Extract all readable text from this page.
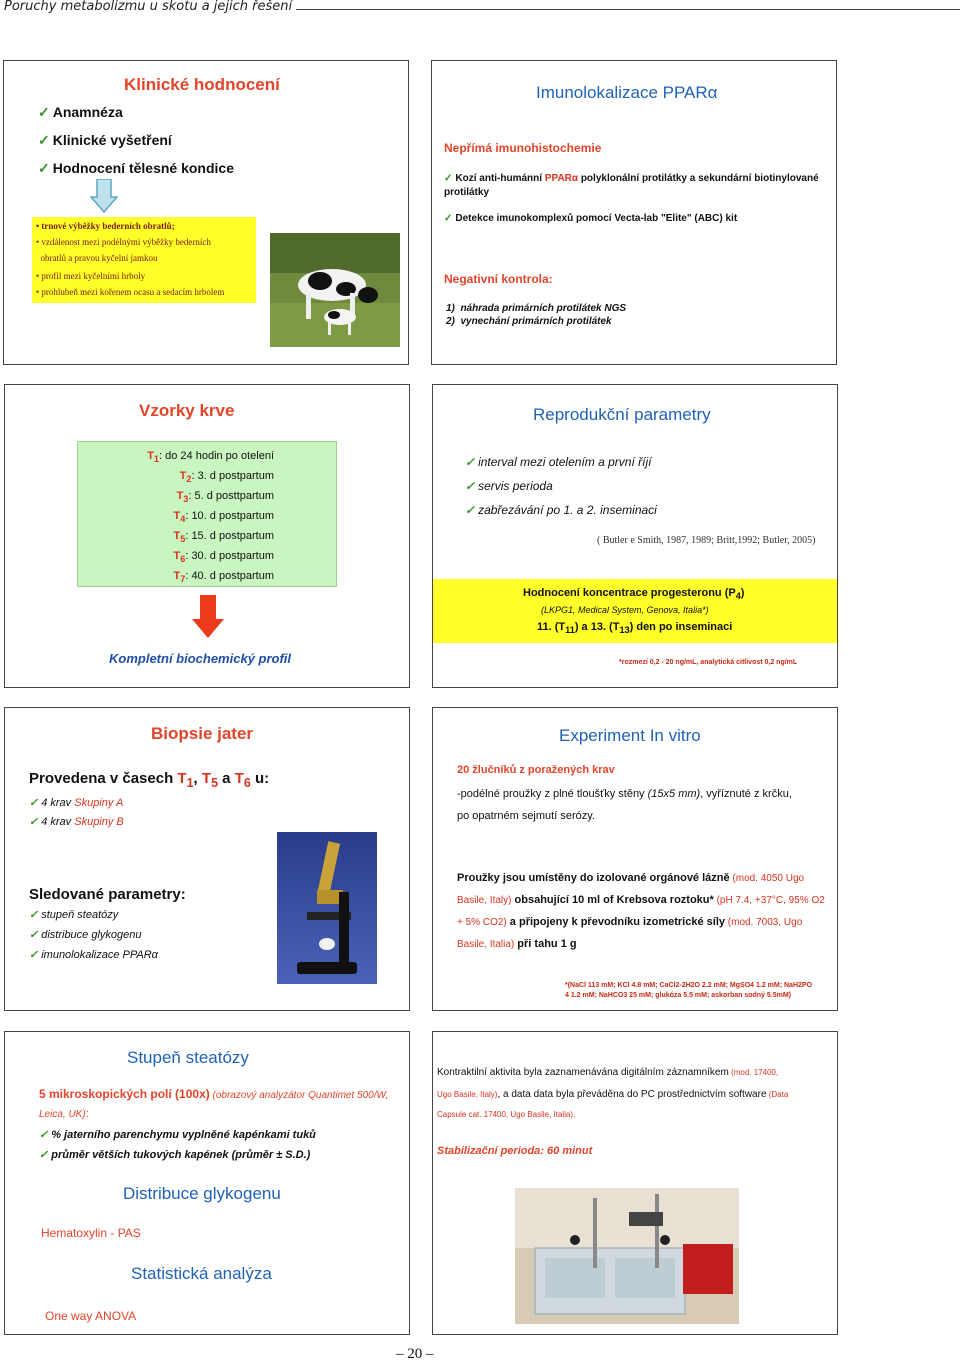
Poruchy metabolizmu u skotu a jejich řešení
Klinické hodnocení
✓ Anamnéza
✓ Klinické vyšetření
✓ Hodnocení tělesné kondice
• trnové výběžky bederních obratlů;
• vzdálenost mezi podélnými výběžky bederních
obratlů a pravou kyčelní jamkou
• profil mezi kyčelními hrboly
• prohlubeň mezi kořenem ocasu a sedacím hrbolem
Imunolokalizace PPARα
Nepřímá imunohistochemie
✓ Kozí anti-humánní PPARα polyklonální protilátky a sekundární biotinylované
protilátky
✓ Detekce imunokomplexů pomocí Vecta-lab "Elite" (ABC) kit
Negativní kontrola:
1)  náhrada primárních protilátek NGS
2)  vynechání primárních protilátek
Vzorky krve
$T_1$: do 24 hodin po otelení
$T_2$: 3. d postpartum
$T_3$: 5. d posttpartum
$T_4$: 10. d postpartum
$T_5$: 15. d postpartum
$T_6$: 30. d postpartum
$T_7$: 40. d postpartum
Kompletní biochemický profil
Reprodukční parametry
✓ interval mezi otelením a první říjí
✓ servis perioda
✓ zabřezávání po 1. a 2. inseminaci
( Butler e Smith, 1987, 1989; Britt,1992; Butler, 2005)
Hodnocení koncentrace progesteronu $(P_4)$
(LKPG1, Medical System, Genova, Italia*)
11. $(T_{11})$ a 13. $(T_{13})$ den po inseminaci
*rozmezí 0,2 - 20 ng/mL, analytická citlivost 0,2 ng/mL
Biopsie jater
Provedena v časech $T_1$, $T_5$ a $T_6$ u:
✓ 4 krav Skupiny A
✓ 4 krav Skupiny B
Sledované parametry:
✓ stupeň steatózy
✓ distribuce glykogenu
✓ imunolokalizace PPARα
Experiment In vitro
20 žlučníků z poražených krav
-podélné proužky z plné tloušťky stěny (15x5 mm), vyříznuté z krčku,
po opatrném sejmutí serózy.
Proužky jsou umístěny do izolované orgánové lázně (mod. 4050 Ugo
Basile, Italy) obsahující 10 ml of Krebsova roztoku* (pH 7.4, +37°C, 95% O2
+ 5% CO2) a připojeny k převodníku izometrické síly (mod. 7003, Ugo
Basile, Italia) při tahu 1 g
*(NaCl 113 mM; KCl 4.8 mM; CaCl2-2H2O 2.2 mM; MgSO4 1.2 mM; NaH2PO
4 1.2 mM; NaHCO3 25 mM; glukóza 5.5 mM; askorban sodný 5.5mM)
Stupeň steatózy
5 mikroskopických polí (100x) (obrazový analyzátor Quantimet 500/W,
Leica, UK):
✓ % jaterního parenchymu vyplněné kapénkami tuků
✓ průměr větších tukových kapének (průměr ± S.D.)
Distribuce glykogenu
Hematoxylin - PAS
Statistická analýza
One way ANOVA
Kontraktilní aktivita byla zaznamenávána digitálním záznamníkem (mod. 17400,
Ugo Basile, Italy), a data data byla převáděna do PC prostřednictvím software (Data
Capsule cat. 17400, Ugo Basile, Italia).
Stabilizační perioda: 60 minut
– 20 –
